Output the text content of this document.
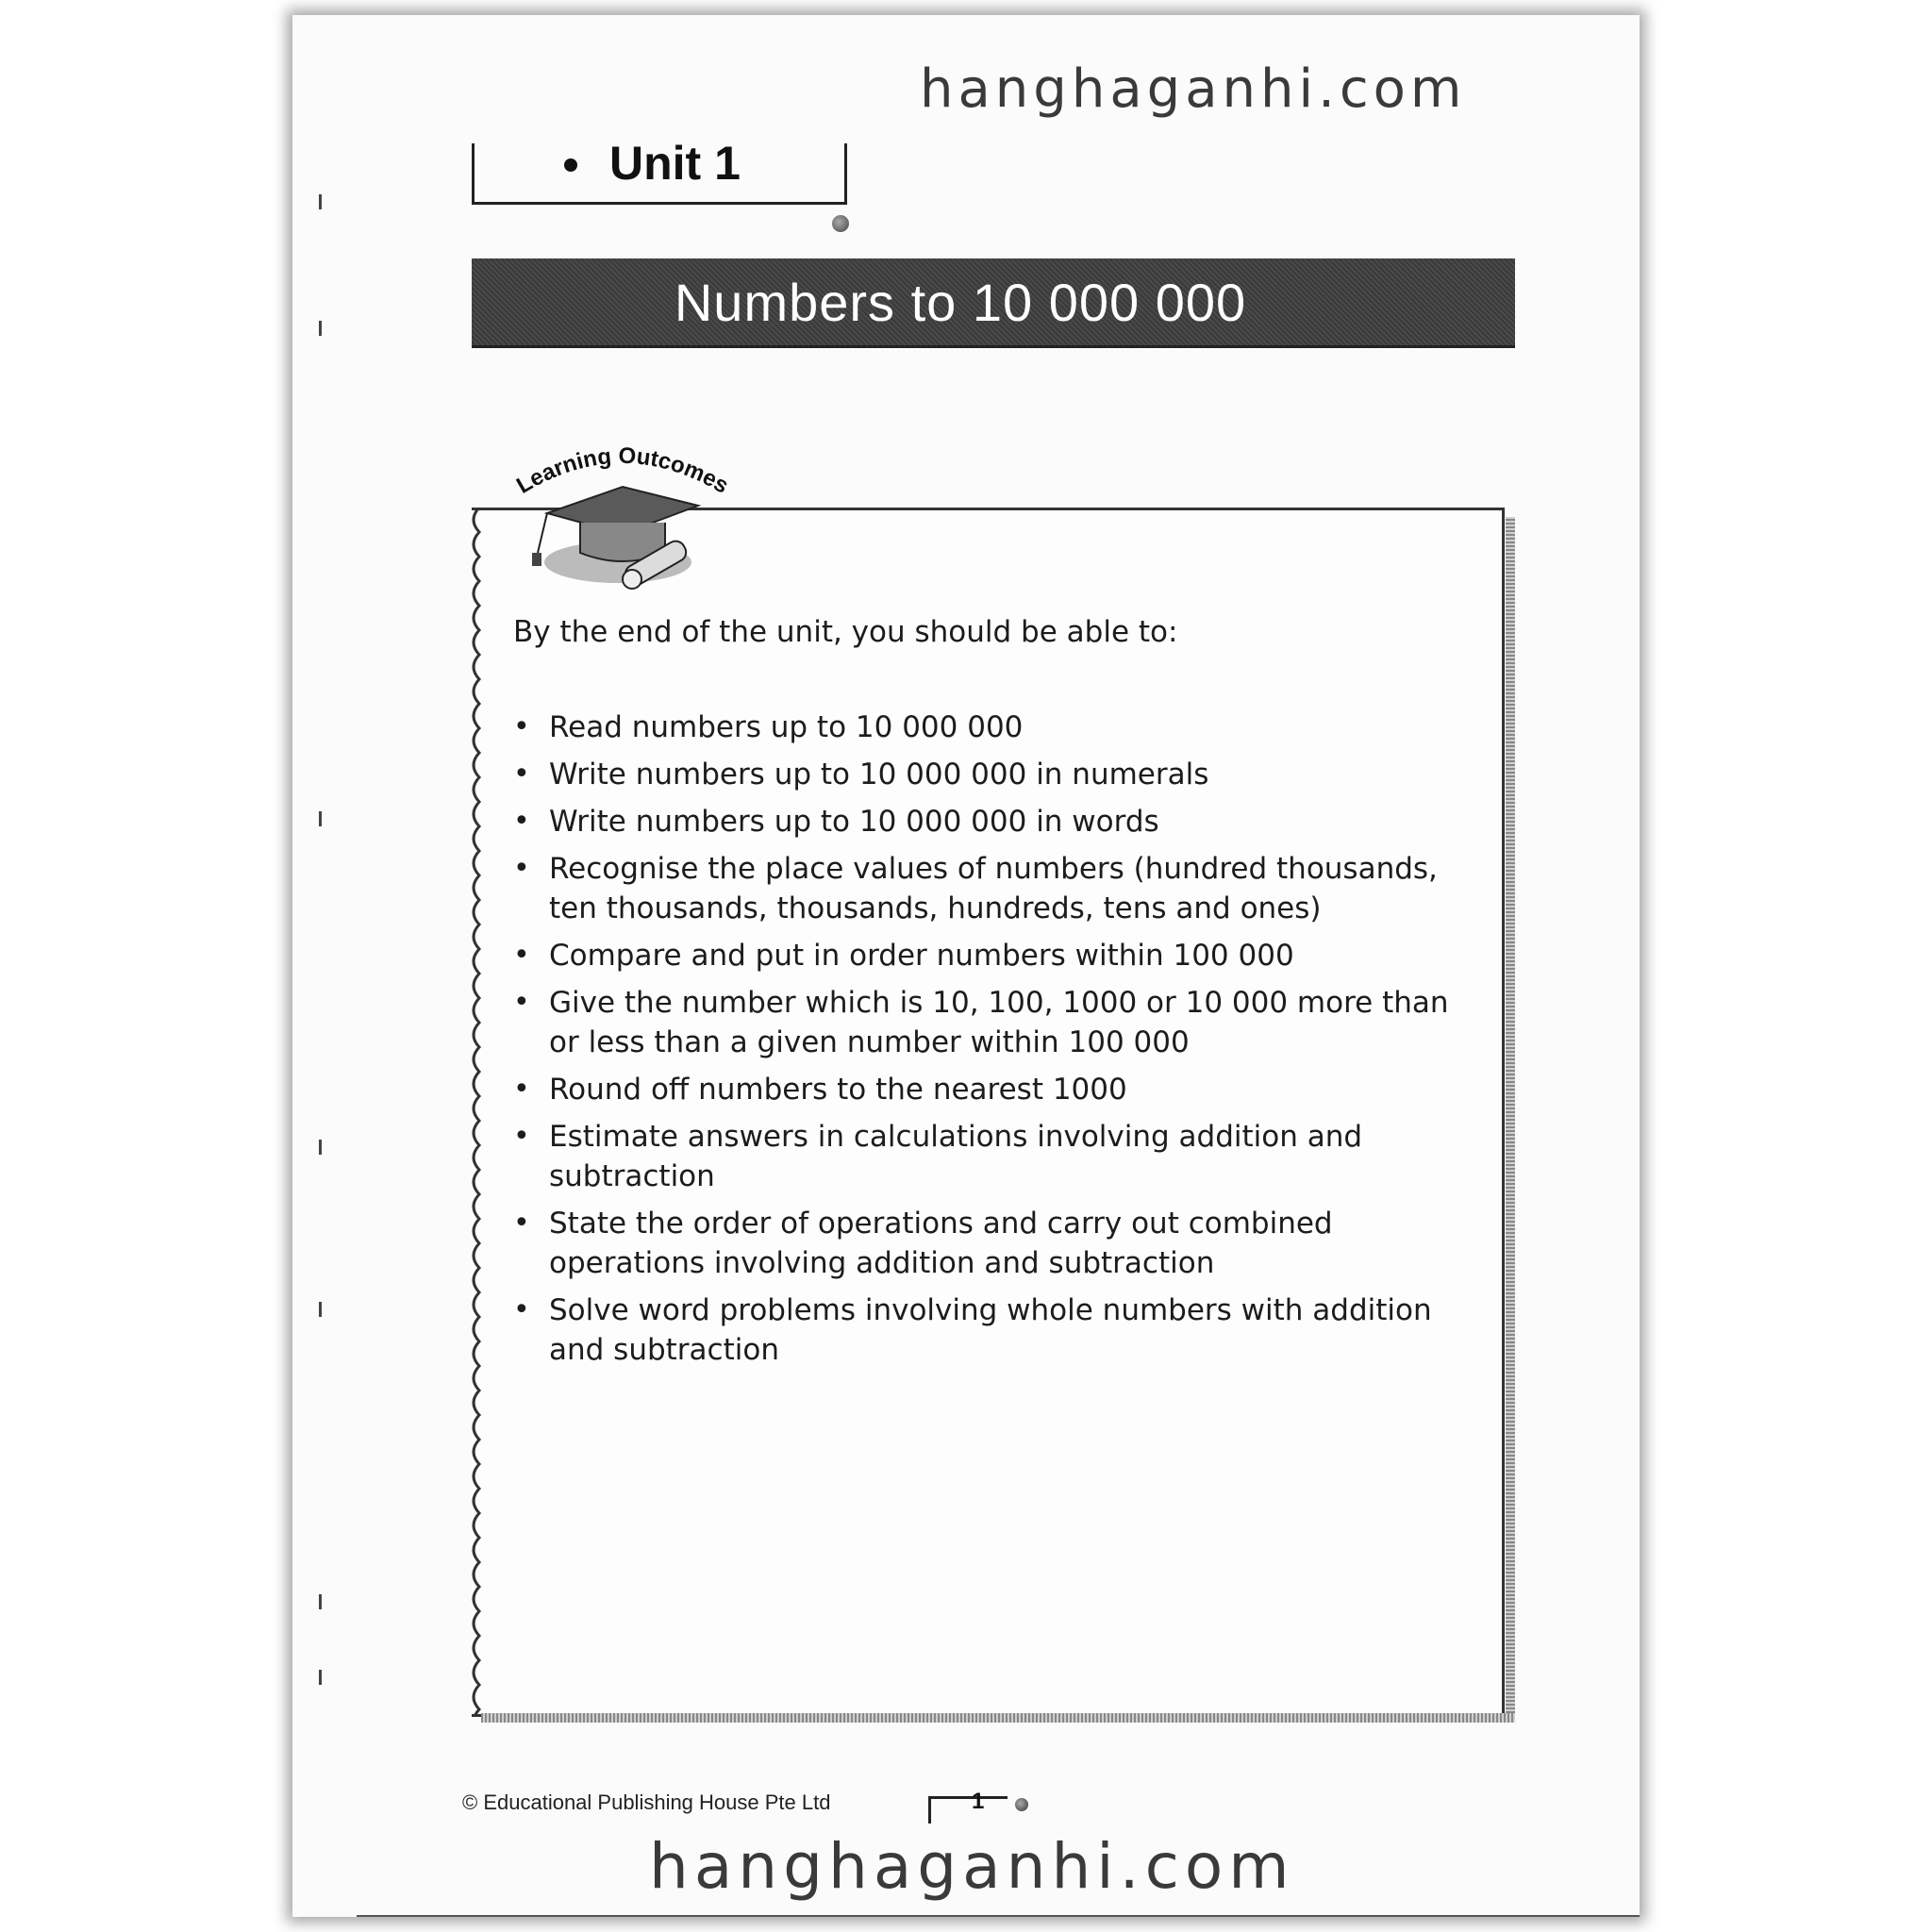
hanghaganhi.com
Unit 1
Numbers to 10 000 000
Learning Outcomes
By the end of the unit, you should be able to:
• Read numbers up to 10 000 000
• Write numbers up to 10 000 000 in numerals
• Write numbers up to 10 000 000 in words
• Recognise the place values of numbers (hundred thousands, ten thousands, thousands, hundreds, tens and ones)
• Compare and put in order numbers within 100 000
• Give the number which is 10, 100, 1000 or 10 000 more than or less than a given number within 100 000
• Round off numbers to the nearest 1000
• Estimate answers in calculations involving addition and subtraction
• State the order of operations and carry out combined operations involving addition and subtraction
• Solve word problems involving whole numbers with addition and subtraction
© Educational Publishing House Pte Ltd	1
hanghaganhi.com
